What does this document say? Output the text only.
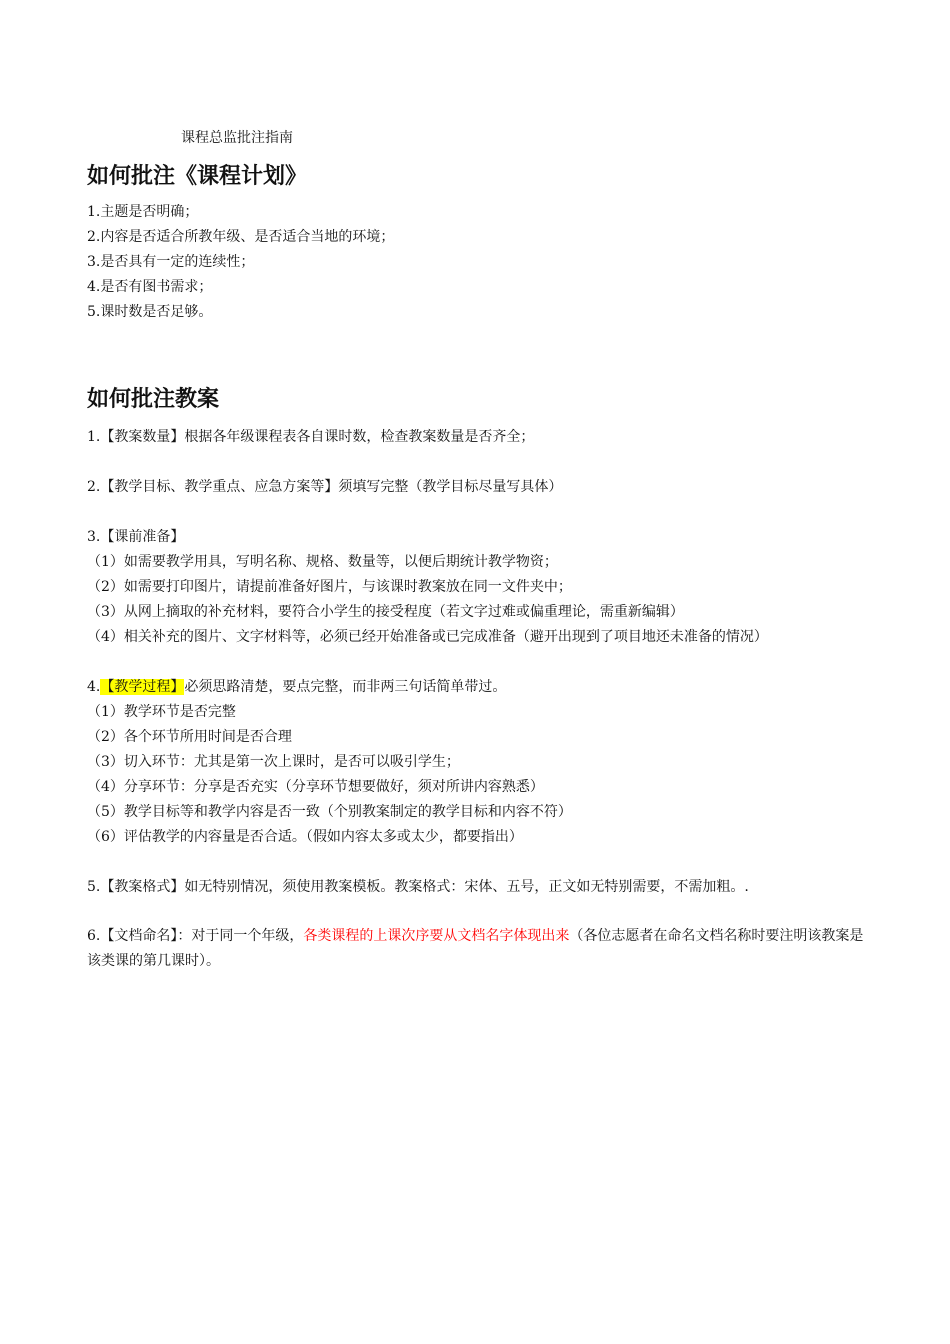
课程总监批注指南
如何批注《课程计划》
1.主题是否明确；
2.内容是否适合所教年级、是否适合当地的环境；
3.是否具有一定的连续性；
4.是否有图书需求；
5.课时数是否足够。
如何批注教案
1.【教案数量】根据各年级课程表各自课时数，检查教案数量是否齐全；
2.【教学目标、教学重点、应急方案等】须填写完整（教学目标尽量写具体）
3.【课前准备】
（1）如需要教学用具，写明名称、规格、数量等，以便后期统计教学物资；
（2）如需要打印图片，请提前准备好图片，与该课时教案放在同一文件夹中；
（3）从网上摘取的补充材料，要符合小学生的接受程度（若文字过难或偏重理论，需重新编辑）
（4）相关补充的图片、文字材料等，必须已经开始准备或已完成准备（避开出现到了项目地还未准备的情况）
4.【教学过程】必须思路清楚，要点完整，而非两三句话简单带过。
（1）教学环节是否完整
（2）各个环节所用时间是否合理
（3）切入环节：尤其是第一次上课时，是否可以吸引学生；
（4）分享环节：分享是否充实（分享环节想要做好，须对所讲内容熟悉）
（5）教学目标等和教学内容是否一致（个别教案制定的教学目标和内容不符）
（6）评估教学的内容量是否合适。（假如内容太多或太少，都要指出）
5.【教案格式】如无特别情况，须使用教案模板。教案格式：宋体、五号，正文如无特别需要，不需加粗。.
6.【文档命名】：对于同一个年级，各类课程的上课次序要从文档名字体现出来（各位志愿者在命名文档名称时要注明该教案是该类课的第几课时）。
